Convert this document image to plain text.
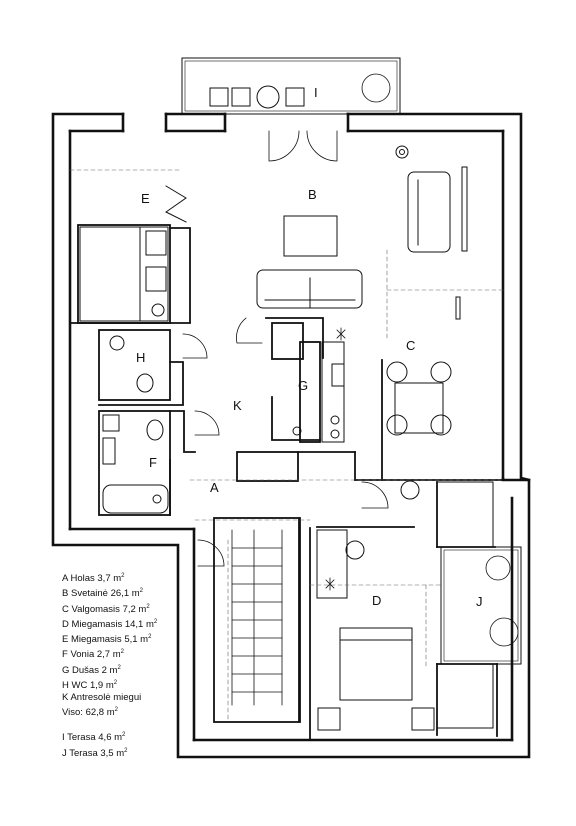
I
B
E
C
H
G
K
F
A
D	J
A Holas 3,7 $m^2$
B Svetainė 26,1 $m^2$
C Valgomasis 7,2 $m^2$
D Miegamasis 14,1 $m^2$
E Miegamasis 5,1 $m^2$
F Vonia 2,7 $m^2$
G Dušas 2 $m^2$
H WC 1,9 $m^2$
K Antresolė miegui
Viso: 62,8 $m^2$
I Terasa 4,6 $m^2$
J Terasa 3,5 $m^2$
